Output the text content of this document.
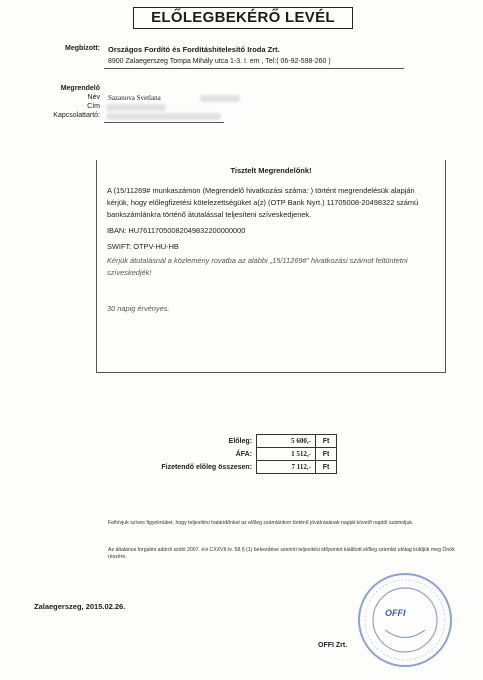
ELŐLEGBEKÉRŐ LEVÉL
Megbízott: Országos Fordító és Fordításhitelesítő Iroda Zrt.
8900 Zalaegerszeg Tompa Mihály utca 1-3. I. em , Tel:( 06-92-598-260 )
Megrendelő
Név Sazanova Svetlana
Cím
Kapcsolattartó:
Tisztelt Megrendelőnk!

A (15/11269# munkaszámon (Megrendelő hivatkozási száma: ) történt megrendelésük alapján kérjük, hogy előlegfizetési kötelezettségüket a(z) (OTP Bank Nyrt.) 11705008-20498322 számú bankszámlánkra történő átutalással teljesíteni szíveskedjenek.

IBAN: HU76117050082049832200000000

SWIFT: OTPV-HU-HB

Kérjük átutalásnál a közlemény rovatba az alábbi „15/11269#” hivatkozási számot feltüntetni szíveskedjék!

30 napig érvényes.

Előleg:	5 600,-	Ft
ÁFA:	1 512,-	Ft
Fizetendő előleg összesen:	7 112,-	Ft
Felhívjuk szíves figyelmüket, hogy teljesítési határidőnket az előleg számlánkon történő jóváírásának napját követő naptól számoljuk.
Az általános forgalmi adóról szóló 2007. évi CXXVII.tv. 58.§ (1) bekezdése szerinti teljesítési időpontot kiállított előleg számlát utólag küldjük meg Önök részére.
Zalaegerszeg, 2015.02.26.
OFFI
OFFI Zrt.
